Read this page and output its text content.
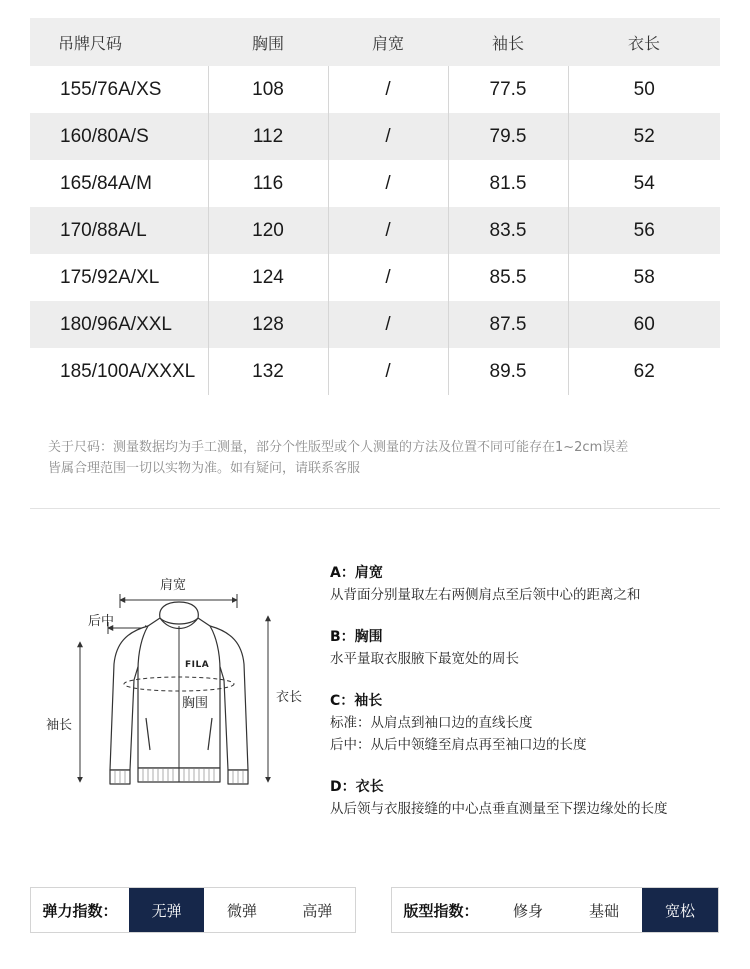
吊牌尺码	胸围	肩宽	袖长	衣长
155/76A/XS	108	/	77.5	50
160/80A/S	112	/	79.5	52
165/84A/M	116	/	81.5	54
170/88A/L	120	/	83.5	56
175/92A/XL	124	/	85.5	58
180/96A/XXL	128	/	87.5	60
185/100A/XXXL	132	/	89.5	62

关于尺码：测量数据均为手工测量，部分个性版型或个人测量的方法及位置不同可能存在1~2cm误差

皆属合理范围一切以实物为准。如有疑问，请联系客服

肩宽
后中
胸围
袖长
衣长
FILA
A：肩宽
从背面分别量取左右两侧肩点至后领中心的距离之和
B：胸围
水平量取衣服腋下最宽处的周长
C：袖长
标准：从肩点到袖口边的直线长度
后中：从后中领缝至肩点再至袖口边的长度
D：衣长
从后领与衣服接缝的中心点垂直测量至下摆边缘处的长度
弹力指数：	无弹	微弹	高弹	版型指数：	修身	基础	宽松
